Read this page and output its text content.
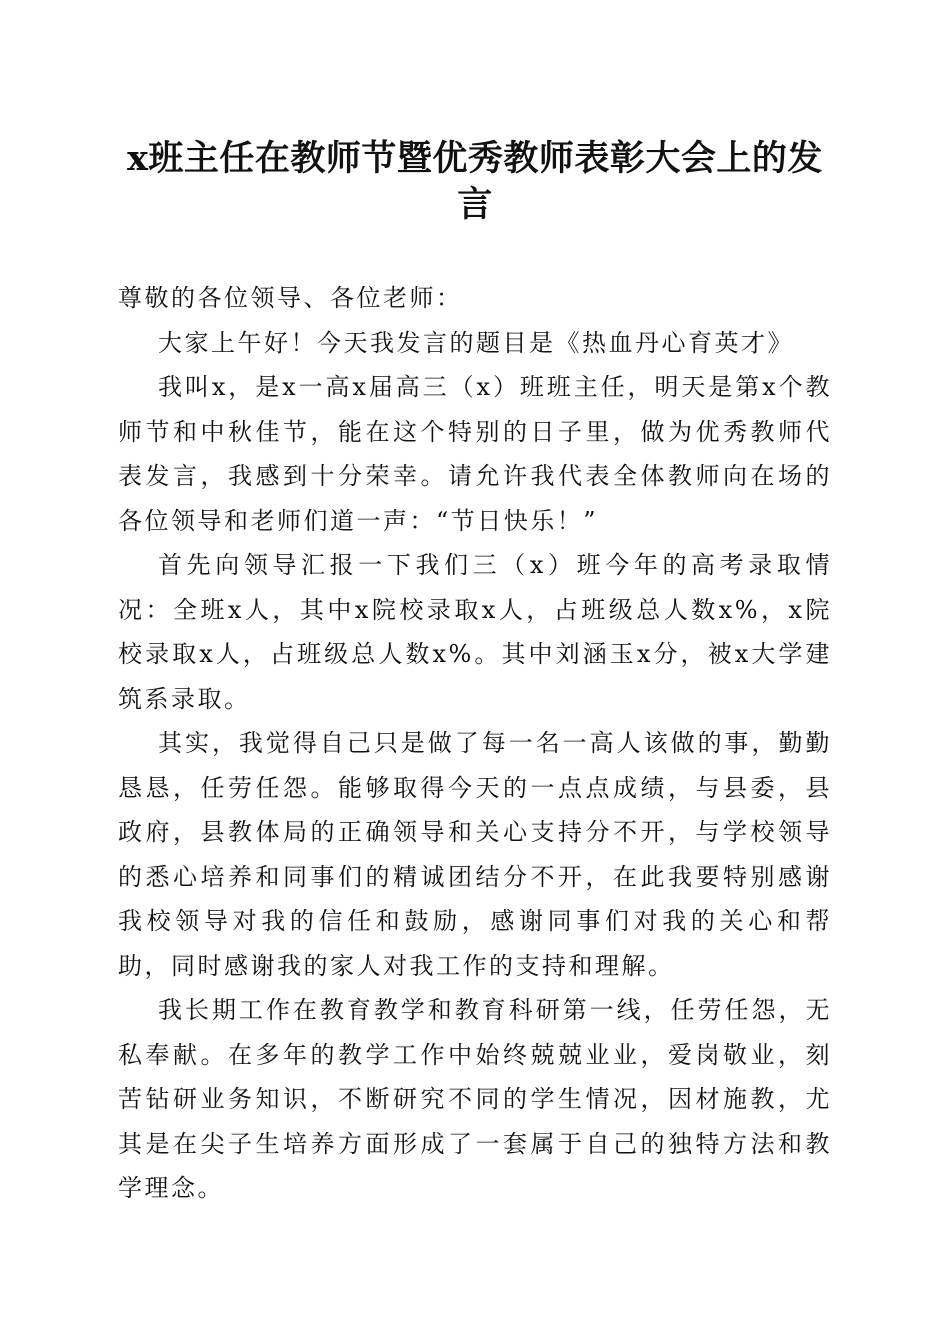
x班主任在教师节暨优秀教师表彰大会上的发言

尊敬的各位领导、各位老师：

大家上午好！今天我发言的题目是《热血丹心育英才》

我叫x，是x一高x届高三（x）班班主任，明天是第x个教师节和中秋佳节，能在这个特别的日子里，做为优秀教师代表发言，我感到十分荣幸。请允许我代表全体教师向在场的各位领导和老师们道一声：“节日快乐！”

首先向领导汇报一下我们三（x）班今年的高考录取情况：全班x人，其中x院校录取x人，占班级总人数x%，x院校录取x人，占班级总人数x%。其中刘涵玉x分，被x大学建筑系录取。

其实，我觉得自己只是做了每一名一高人该做的事，勤勤恳恳，任劳任怨。能够取得今天的一点点成绩，与县委，县政府，县教体局的正确领导和关心支持分不开，与学校领导的悉心培养和同事们的精诚团结分不开，在此我要特别感谢我校领导对我的信任和鼓励，感谢同事们对我的关心和帮助，同时感谢我的家人对我工作的支持和理解。

我长期工作在教育教学和教育科研第一线，任劳任怨，无私奉献。在多年的教学工作中始终兢兢业业，爱岗敬业，刻苦钻研业务知识，不断研究不同的学生情况，因材施教，尤其是在尖子生培养方面形成了一套属于自己的独特方法和教学理念。
